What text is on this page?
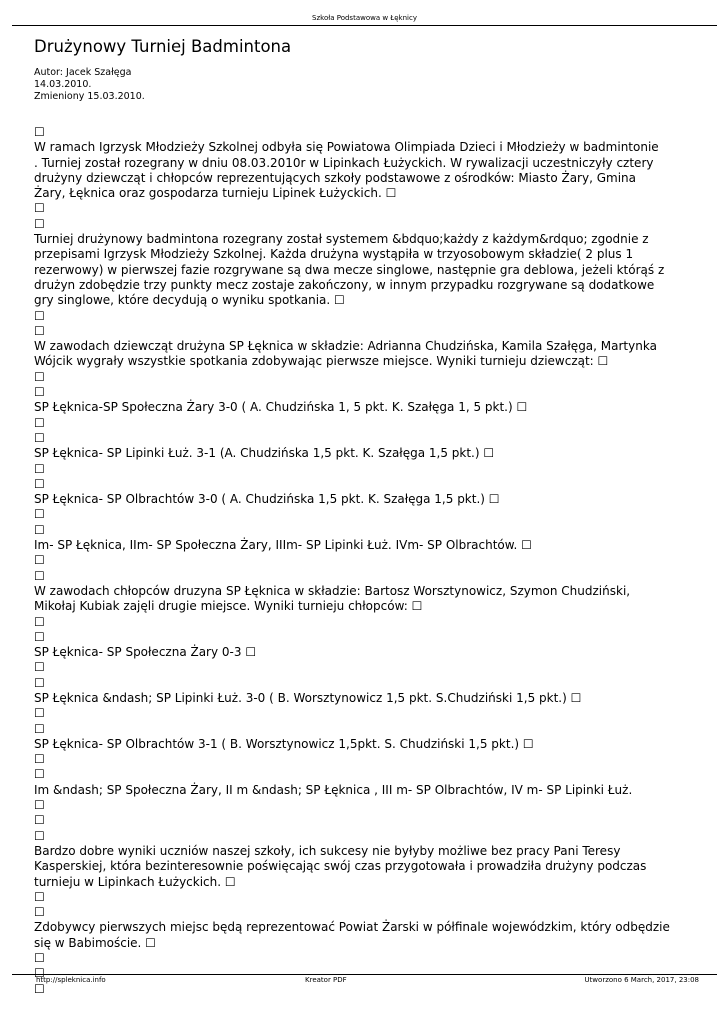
Szkoła Podstawowa w Łęknicy
Drużynowy Turniej Badmintona
Autor: Jacek Szałęga
14.03.2010.
Zmieniony 15.03.2010.
☐
W ramach Igrzysk Młodzieży Szkolnej odbyła się Powiatowa Olimpiada Dzieci i Młodzieży w badmintonie
. Turniej został rozegrany w dniu 08.03.2010r w Lipinkach Łużyckich. W rywalizacji uczestniczyły cztery
drużyny dziewcząt i chłopców reprezentujących szkoły podstawowe z ośrodków: Miasto Żary, Gmina
Żary, Łęknica oraz gospodarza turnieju Lipinek Łużyckich. ☐
☐
☐
Turniej drużynowy badmintona rozegrany został systemem &bdquo;każdy z każdym&rdquo; zgodnie z
przepisami Igrzysk Młodzieży Szkolnej. Każda drużyna wystąpiła w trzyosobowym składzie( 2 plus 1
rezerwowy) w pierwszej fazie rozgrywane są dwa mecze singlowe, następnie gra deblowa, jeżeli którąś z
drużyn zdobędzie trzy punkty mecz zostaje zakończony, w innym przypadku rozgrywane są dodatkowe
gry singlowe, które decydują o wyniku spotkania. ☐
☐
☐
W zawodach dziewcząt drużyna SP Łęknica w składzie: Adrianna Chudzińska, Kamila Szałęga, Martynka
Wójcik wygrały wszystkie spotkania zdobywając pierwsze miejsce. Wyniki turnieju dziewcząt: ☐
☐
☐
SP Łęknica-SP Społeczna Żary 3-0 ( A. Chudzińska 1, 5 pkt. K. Szałęga 1, 5 pkt.) ☐
☐
☐
SP Łęknica- SP Lipinki Łuż. 3-1 (A. Chudzińska 1,5 pkt. K. Szałęga 1,5 pkt.) ☐
☐
☐
SP Łęknica- SP Olbrachtów 3-0 ( A. Chudzińska 1,5 pkt. K. Szałęga 1,5 pkt.) ☐
☐
☐
Im- SP Łęknica, IIm- SP Społeczna Żary, IIIm- SP Lipinki Łuż. IVm- SP Olbrachtów. ☐
☐
☐
W zawodach chłopców druzyna SP Łęknica w składzie: Bartosz Worsztynowicz, Szymon Chudziński,
Mikołaj Kubiak zajęli drugie miejsce. Wyniki turnieju chłopców: ☐
☐
☐
SP Łęknica- SP Społeczna Żary 0-3 ☐
☐
☐
SP Łęknica &ndash; SP Lipinki Łuż. 3-0 ( B. Worsztynowicz 1,5 pkt. S.Chudziński 1,5 pkt.) ☐
☐
☐
SP Łęknica- SP Olbrachtów 3-1 ( B. Worsztynowicz 1,5pkt. S. Chudziński 1,5 pkt.) ☐
☐
☐
Im &ndash; SP Społeczna Żary, II m &ndash; SP Łęknica , III m- SP Olbrachtów, IV m- SP Lipinki Łuż.
☐
☐
☐
Bardzo dobre wyniki uczniów naszej szkoły, ich sukcesy nie byłyby możliwe bez pracy Pani Teresy
Kasperskiej, która bezinteresownie poświęcając swój czas przygotowała i prowadziła drużyny podczas
turnieju w Lipinkach Łużyckich. ☐
☐
☐
Zdobywcy pierwszych miejsc będą reprezentować Powiat Żarski w półfinale wojewódzkim, który odbędzie
się w Babimoście. ☐
☐
☐
☐
http://spleknica.info	Kreator PDF	Utworzono 6 March, 2017, 23:08
